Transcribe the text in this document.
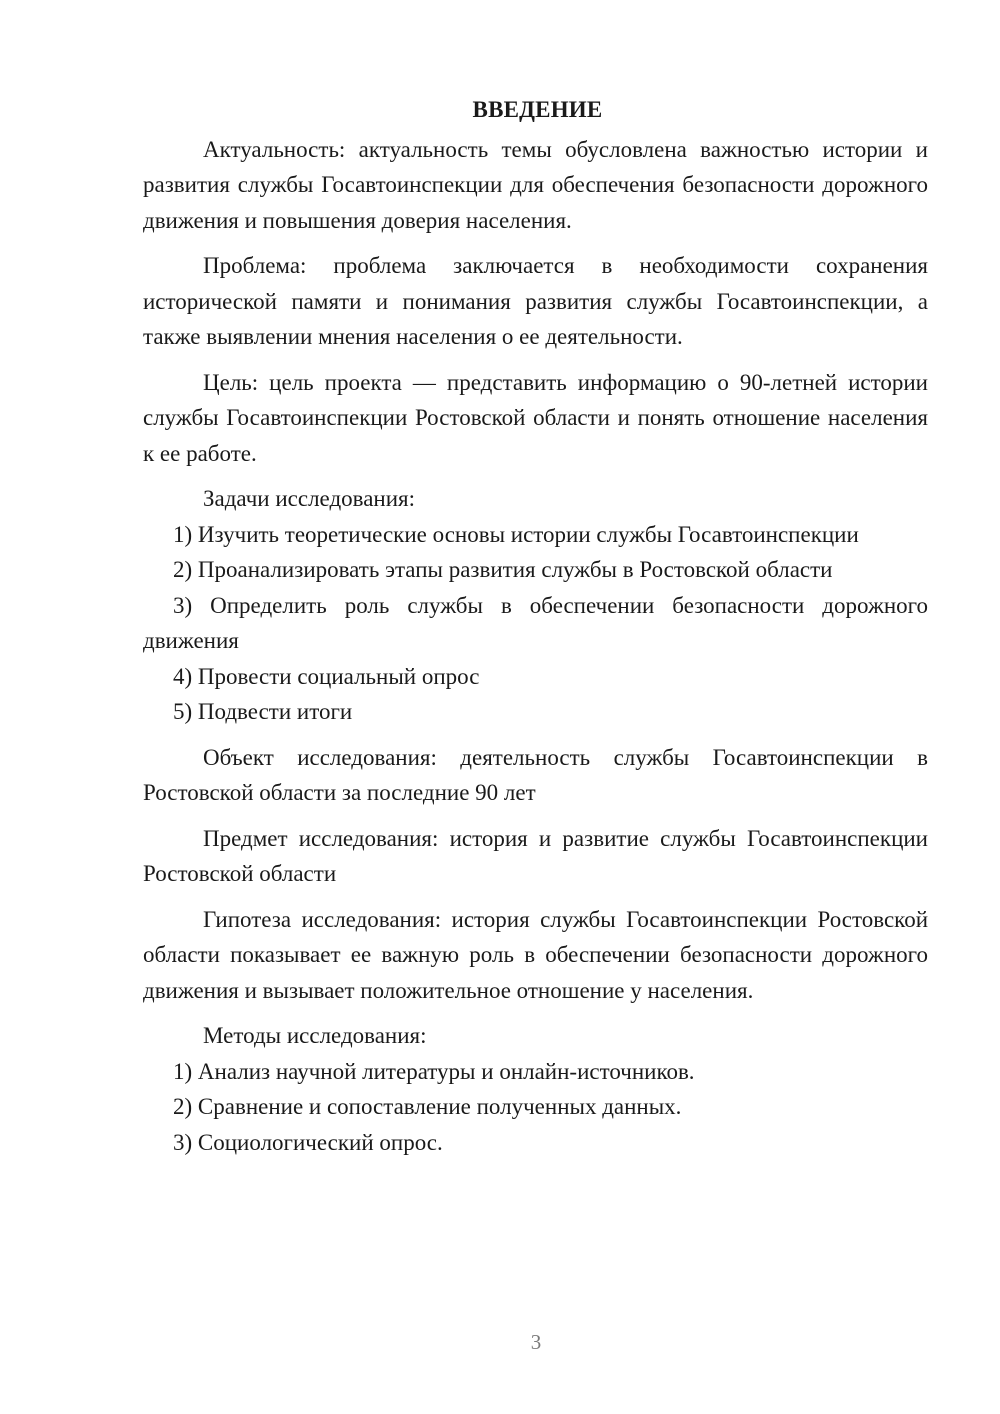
ВВЕДЕНИЕ

Актуальность: актуальность темы обусловлена важностью истории и развития службы Госавтоинспекции для обеспечения безопасности дорожного движения и повышения доверия населения.

Проблема: проблема заключается в необходимости сохранения исторической памяти и понимания развития службы Госавтоинспекции, а также выявлении мнения населения о ее деятельности.

Цель: цель проекта — представить информацию о 90-летней истории службы Госавтоинспекции Ростовской области и понять отношение населения к ее работе.

Задачи исследования:

1) Изучить теоретические основы истории службы Госавтоинспекции

2) Проанализировать этапы развития службы в Ростовской области

3) Определить роль службы в обеспечении безопасности дорожного движения

4) Провести социальный опрос

5) Подвести итоги

Объект исследования: деятельность службы Госавтоинспекции в Ростовской области за последние 90 лет

Предмет исследования: история и развитие службы Госавтоинспекции Ростовской области

Гипотеза исследования: история службы Госавтоинспекции Ростовской области показывает ее важную роль в обеспечении безопасности дорожного движения и вызывает положительное отношение у населения.

Методы исследования:

1) Анализ научной литературы и онлайн-источников.

2) Сравнение и сопоставление полученных данных.

3) Социологический опрос.

3
